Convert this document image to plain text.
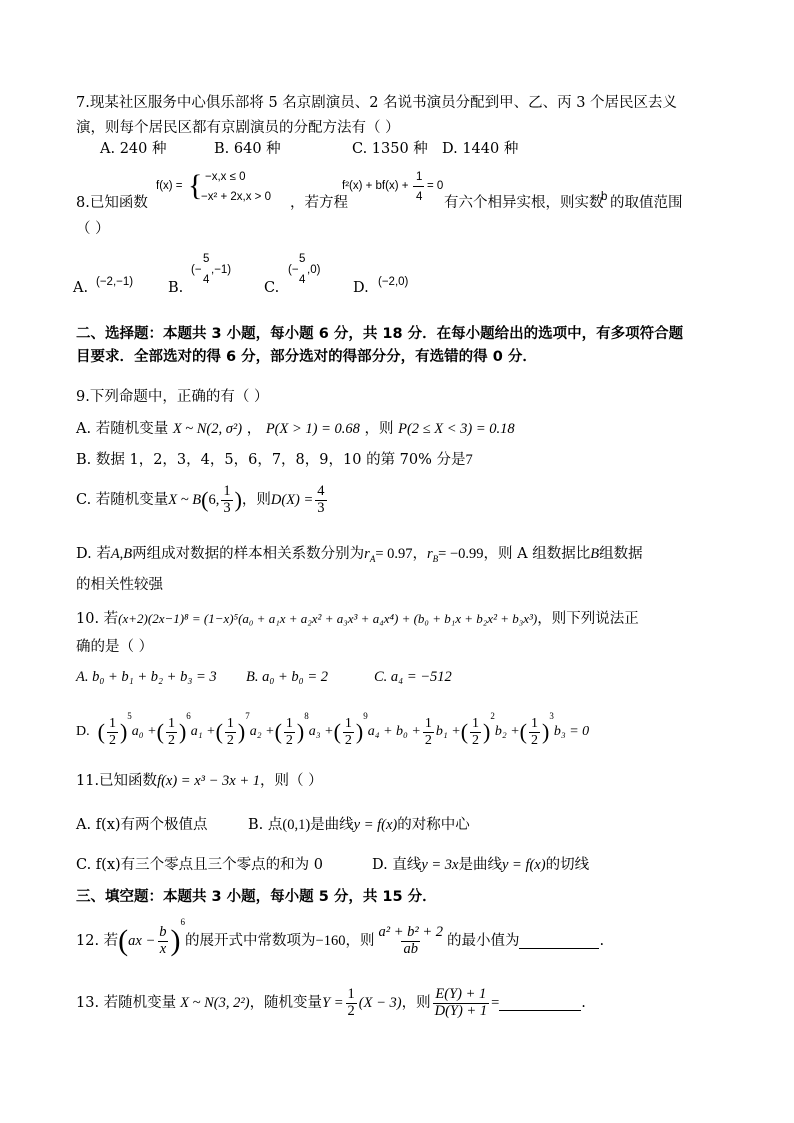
7.现某社区服务中心俱乐部将 5 名京剧演员、2 名说书演员分配到甲、乙、丙 3 个居民区去义
演，则每个居民区都有京剧演员的分配方法有（ ）
A. 240 种	B. 640 种	C. 1350 种 D. 1440 种
8.已知函数
f(x) = { −x,x ≤ 0
−x² + 2x,x > 0 ，若方程
f²(x) + bf(x) +
1
4
= 0
有六个相异实根，则实数
b 的取值范围
（ ）
A. (−2,−1) B.
(−
5
4
,−1)
C.
(−
5
4
,0)
D. (−2,0)
二、选择题：本题共 3 小题，每小题 6 分，共 18 分．在每小题给出的选项中，有多项符合题
目要求．全部选对的得 6 分，部分选对的得部分分，有选错的得 0 分．
9.下列命题中，正确的有（ ）
A. 若随机变量 X ~ N(2, σ²) ， P(X > 1) = 0.68 ，则 P(2 ≤ X < 3) = 0.18
B. 数据 1，2，3，4，5，6，7，8，9，10 的第 70% 分是7
C. 若随机变量 X ~ B ( 6, $\frac{1}{3}$ ) ，则 $D(X) = \frac{4}{3}$
D. 若A,B两组成对数据的样本相关系数分别为$r_A= 0.97$，$r_B= -0.99$，则 A 组数据比B组数据
的相关性较强
10. 若(x+2)(2x−1)⁸ = (1−x)⁵(a₀ + a₁x + a₂x² + a₃x³ + a₄x⁴) + (b₀ + b₁x + b₂x² + b₃x³)，则下列说法正
确的是（ ）
A. b₀ + b₁ + b₂ + b₃ = 3 B. a₀ + b₀ = 2	C. a₄ = −512
D. ( $\frac{1}{2}$ )
5
a₀ + ( $\frac{1}{2}$ )
6
a₁ + ( $\frac{1}{2}$ )
7
a₂ + ( $\frac{1}{2}$ )
8
a₃ + ( $\frac{1}{2}$ )
9
$a_4 + b_0 + \frac{1}{2} b_1$ + ( $\frac{1}{2}$ )
2
b₂ + ( $\frac{1}{2}$ )
3
b₃ = 0
11.已知函数f(x) = x³ − 3x + 1，则（ ）
A. f(x)有两个极值点	B. 点(0,1)是曲线y = f(x)的对称中心
C. f(x)有三个零点且三个零点的和为 0	D. 直线y = 3x是曲线y = f(x)的切线
三、填空题：本题共 3 小题，每小题 5 分，共 15 分．
12. 若 ( ax − $\frac{b}{x}$ )
$^6$
的展开式中常数项为 −160 ，则 $\frac{\text{a² + b² + 2}}{ab}$ 的最小值为	.
13. 若随机变量 X ~ N(3, 2²) ，随机变量 $Y = \frac{1}{2} (X - 3)$ ，则 $\frac{E(Y) + 1}{D(Y) + 1}$ =	.
